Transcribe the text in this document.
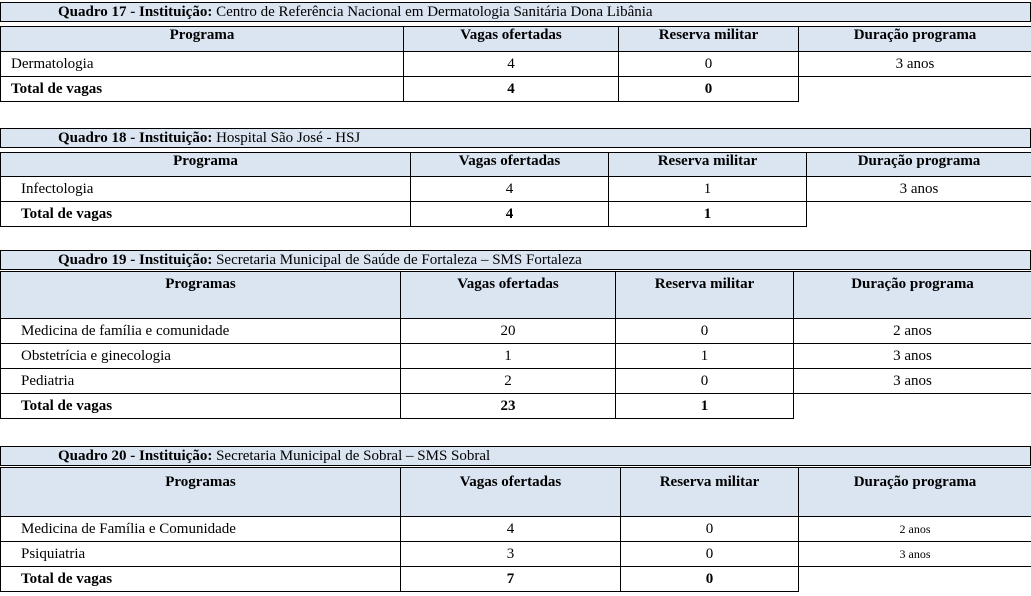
Quadro 17 - Instituição: Centro de Referência Nacional em Dermatologia Sanitária Dona Libânia
Programa	Vagas ofertadas	Reserva militar	Duração programa
Dermatologia	4	0	3 anos
Total de vagas	4	0	
Quadro 18 - Instituição: Hospital São José - HSJ
Programa	Vagas ofertadas	Reserva militar	Duração programa
Infectologia	4	1	3 anos
Total de vagas	4	1	
Quadro 19 - Instituição: Secretaria Municipal de Saúde de Fortaleza – SMS Fortaleza
Programas	Vagas ofertadas	Reserva militar	Duração programa
Medicina de família e comunidade	20	0	2 anos
Obstetrícia e ginecologia	1	1	3 anos
Pediatria	2	0	3 anos
Total de vagas	23	1	
Quadro 20 - Instituição: Secretaria Municipal de Sobral – SMS Sobral
Programas	Vagas ofertadas	Reserva militar	Duração programa
Medicina de Família e Comunidade	4	0	2 anos
Psiquiatria	3	0	3 anos
Total de vagas	7	0	
